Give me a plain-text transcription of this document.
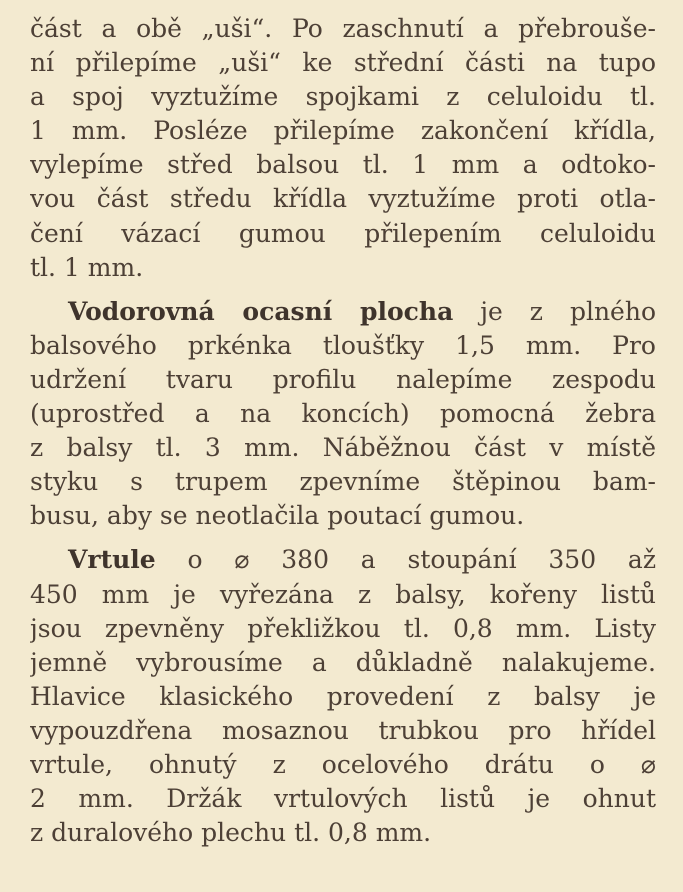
část a obě „uši“. Po zaschnutí a přebrouše-
ní přilepíme „uši“ ke střední části na tupo
a spoj vyztužíme spojkami z celuloidu tl.
1 mm. Posléze přilepíme zakončení křídla,
vylepíme střed balsou tl. 1 mm a odtoko-
vou část středu křídla vyztužíme proti otla-
čení vázací gumou přilepením celuloidu
tl. 1 mm.
Vodorovná ocasní plocha je z plného
balsového prkénka tloušťky 1,5 mm. Pro
udržení tvaru profilu nalepíme zespodu
(uprostřed a na koncích) pomocná žebra
z balsy tl. 3 mm. Náběžnou část v místě
styku s trupem zpevníme štěpinou bam-
busu, aby se neotlačila poutací gumou.
Vrtule o ⌀ 380 a stoupání 350 až
450 mm je vyřezána z balsy, kořeny listů
jsou zpevněny překližkou tl. 0,8 mm. Listy
jemně vybrousíme a důkladně nalakujeme.
Hlavice klasického provedení z balsy je
vypouzdřena mosaznou trubkou pro hřídel
vrtule, ohnutý z ocelového drátu o ⌀
2 mm. Držák vrtulových listů je ohnut
z duralového plechu tl. 0,8 mm.
